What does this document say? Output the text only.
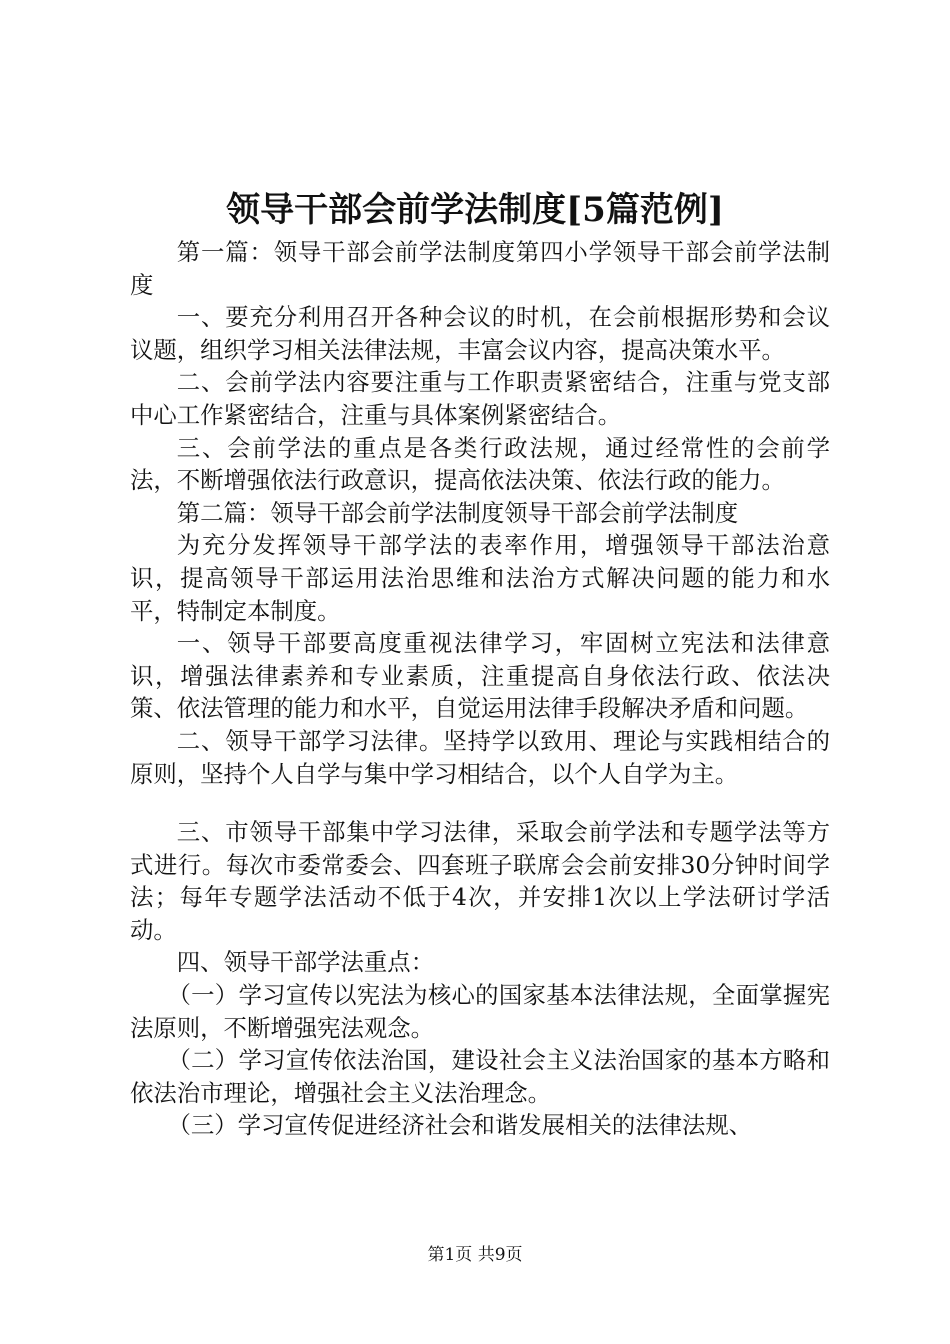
领导干部会前学法制度[5篇范例]

第一篇：领导干部会前学法制度第四小学领导干部会前学法制度

一、要充分利用召开各种会议的时机，在会前根据形势和会议议题，组织学习相关法律法规，丰富会议内容，提高决策水平。

二、会前学法内容要注重与工作职责紧密结合，注重与党支部中心工作紧密结合，注重与具体案例紧密结合。

三、会前学法的重点是各类行政法规，通过经常性的会前学法，不断增强依法行政意识，提高依法决策、依法行政的能力。

第二篇：领导干部会前学法制度领导干部会前学法制度

为充分发挥领导干部学法的表率作用，增强领导干部法治意识，提高领导干部运用法治思维和法治方式解决问题的能力和水平，特制定本制度。

一、领导干部要高度重视法律学习，牢固树立宪法和法律意识，增强法律素养和专业素质，注重提高自身依法行政、依法决策、依法管理的能力和水平，自觉运用法律手段解决矛盾和问题。

二、领导干部学习法律。坚持学以致用、理论与实践相结合的原则，坚持个人自学与集中学习相结合，以个人自学为主。

三、市领导干部集中学习法律，采取会前学法和专题学法等方式进行。每次市委常委会、四套班子联席会会前安排30分钟时间学法；每年专题学法活动不低于4次，并安排1次以上学法研讨学活动。

四、领导干部学法重点：

（一）学习宣传以宪法为核心的国家基本法律法规，全面掌握宪法原则，不断增强宪法观念。

（二）学习宣传依法治国，建设社会主义法治国家的基本方略和依法治市理论，增强社会主义法治理念。

（三）学习宣传促进经济社会和谐发展相关的法律法规、

第1页 共9页
